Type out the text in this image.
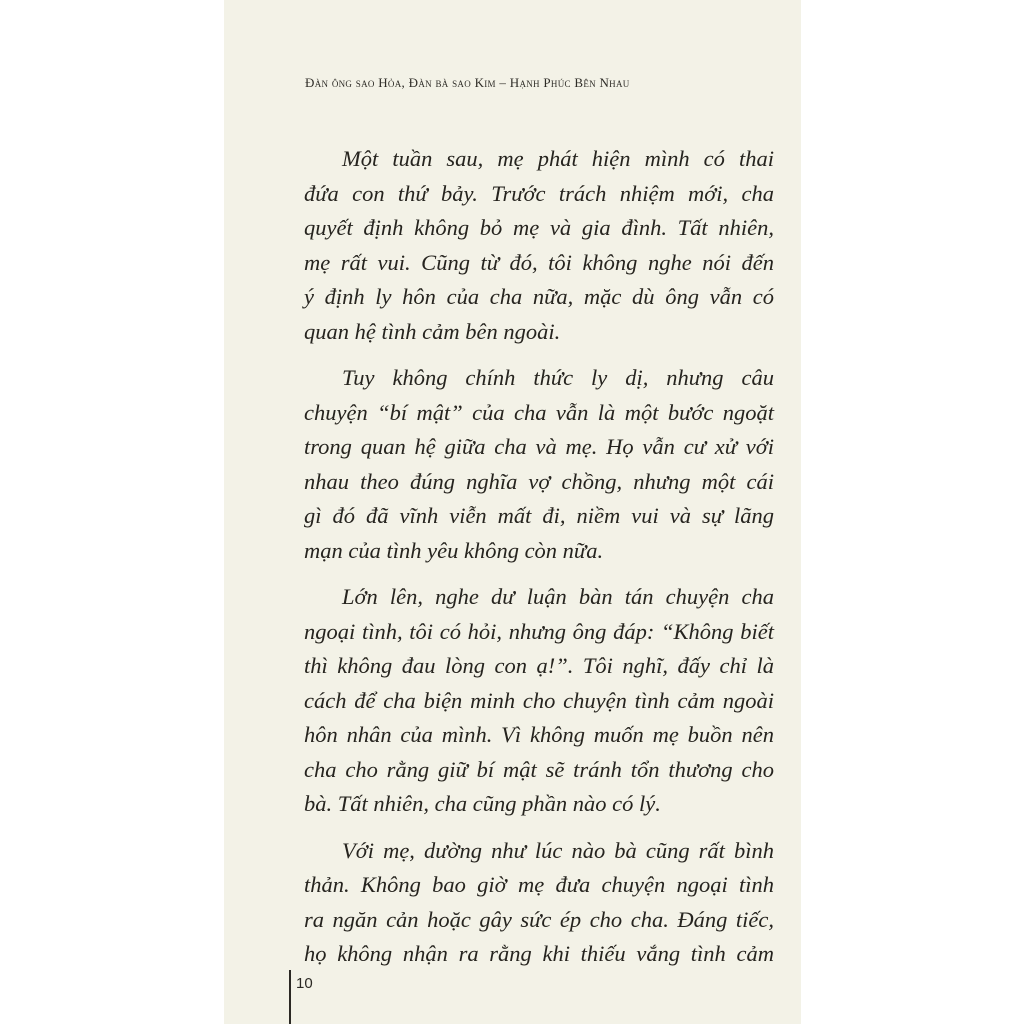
Đàn ông sao Hỏa, Đàn bà sao Kim – Hạnh Phúc Bên Nhau
Một tuần sau, mẹ phát hiện mình có thai
đứa con thứ bảy. Trước trách nhiệm mới, cha
quyết định không bỏ mẹ và gia đình. Tất nhiên,
mẹ rất vui. Cũng từ đó, tôi không nghe nói đến
ý định ly hôn của cha nữa, mặc dù ông vẫn có
quan hệ tình cảm bên ngoài.
Tuy không chính thức ly dị, nhưng câu
chuyện “bí mật” của cha vẫn là một bước ngoặt
trong quan hệ giữa cha và mẹ. Họ vẫn cư xử với
nhau theo đúng nghĩa vợ chồng, nhưng một cái
gì đó đã vĩnh viễn mất đi, niềm vui và sự lãng
mạn của tình yêu không còn nữa.
Lớn lên, nghe dư luận bàn tán chuyện cha
ngoại tình, tôi có hỏi, nhưng ông đáp: “Không biết
thì không đau lòng con ạ!”. Tôi nghĩ, đấy chỉ là
cách để cha biện minh cho chuyện tình cảm ngoài
hôn nhân của mình. Vì không muốn mẹ buồn nên
cha cho rằng giữ bí mật sẽ tránh tổn thương cho
bà. Tất nhiên, cha cũng phần nào có lý.
Với mẹ, dường như lúc nào bà cũng rất bình
thản. Không bao giờ mẹ đưa chuyện ngoại tình
ra ngăn cản hoặc gây sức ép cho cha. Đáng tiếc,
họ không nhận ra rằng khi thiếu vắng tình cảm
10
